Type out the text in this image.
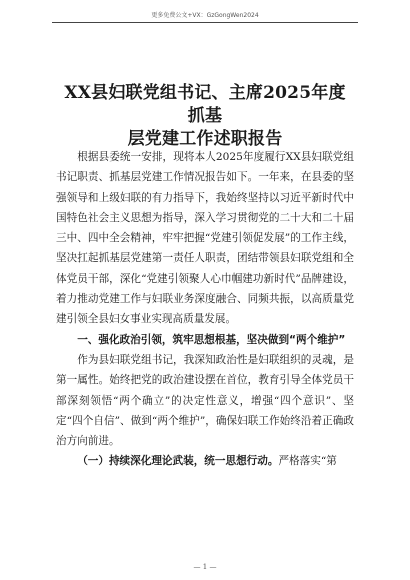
更多免费公文+VX：GzGongWen2024
XX县妇联党组书记、主席2025年度抓基
层党建工作述职报告

根据县委统一安排，现将本人2025年度履行XX县妇联党组书记职责、抓基层党建工作情况报告如下。一年来，在县委的坚强领导和上级妇联的有力指导下，我始终坚持以习近平新时代中国特色社会主义思想为指导，深入学习贯彻党的二十大和二十届三中、四中全会精神，牢牢把握“党建引领促发展”的工作主线，坚决扛起抓基层党建第一责任人职责，团结带领县妇联党组和全体党员干部，深化“党建引领聚人心巾帼建功新时代”品牌建设，着力推动党建工作与妇联业务深度融合、同频共振，以高质量党建引领全县妇女事业实现高质量发展。

一、强化政治引领，筑牢思想根基，坚决做到“两个维护”

作为县妇联党组书记，我深知政治性是妇联组织的灵魂，是第一属性。始终把党的政治建设摆在首位，教育引导全体党员干部深刻领悟“两个确立”的决定性意义，增强“四个意识”、坚定“四个自信”、做到“两个维护”，确保妇联工作始终沿着正确政治方向前进。

（一）持续深化理论武装，统一思想行动。严格落实“第

— 1 —
